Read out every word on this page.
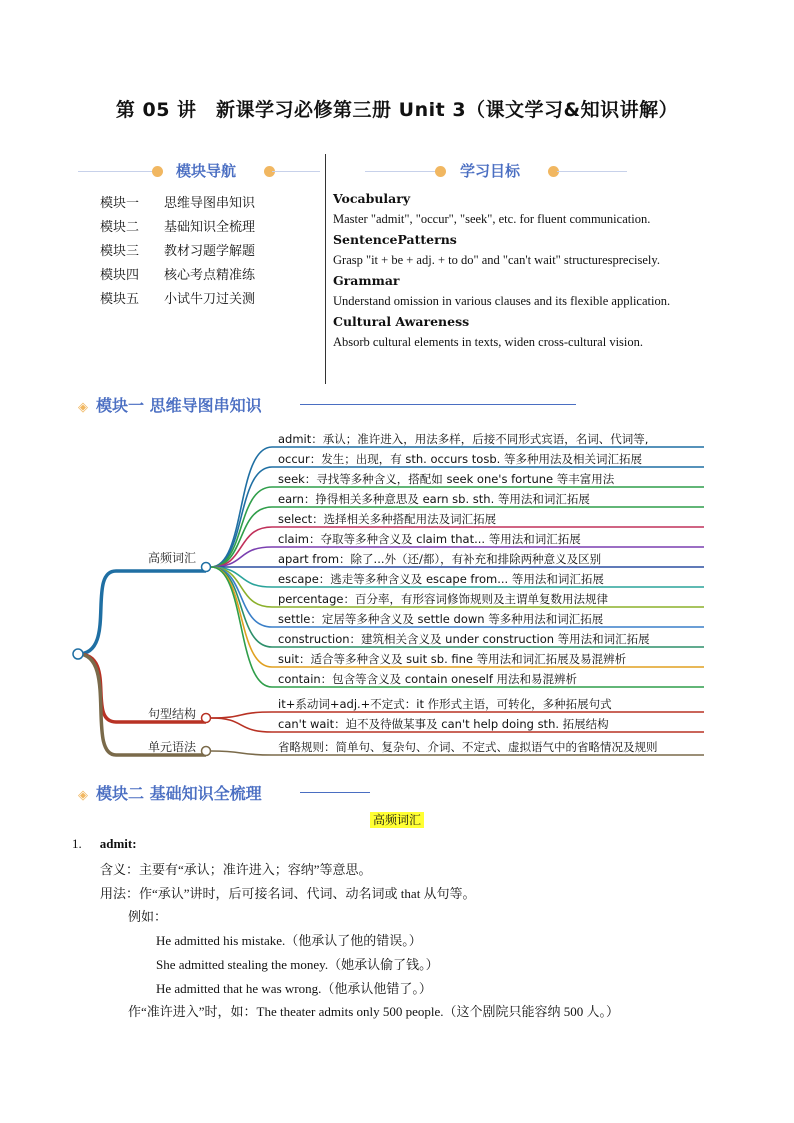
第 05 讲　新课学习必修第三册 Unit 3（课文学习&知识讲解）
模块导航	学习目标
模块一 思维导图串知识
模块二 基础知识全梳理
模块三 教材习题学解题
模块四 核心考点精准练
模块五 小试牛刀过关测
Vocabulary
Master "admit", "occur", "seek", etc. for fluent communication.
SentencePatterns
Grasp "it + be + adj. + to do" and "can't wait" structuresprecisely.
Grammar
Understand omission in various clauses and its flexible application.
Cultural Awareness
Absorb cultural elements in texts, widen cross-cultural vision.
◈ 模块一 思维导图串知识
高频词汇
admit：承认；准许进入，用法多样，后接不同形式宾语，名词、代词等,
occur：发生；出现，有 sth. occurs tosb. 等多种用法及相关词汇拓展
seek：寻找等多种含义，搭配如 seek one's fortune 等丰富用法
earn：挣得相关多种意思及 earn sb. sth. 等用法和词汇拓展
select：选择相关多种搭配用法及词汇拓展
claim：夺取等多种含义及 claim that... 等用法和词汇拓展
apart from：除了...外（还/都），有补充和排除两种意义及区别
escape：逃走等多种含义及 escape from... 等用法和词汇拓展
percentage：百分率，有形容词修饰规则及主谓单复数用法规律
settle：定居等多种含义及 settle down 等多种用法和词汇拓展
construction：建筑相关含义及 under construction 等用法和词汇拓展
suit：适合等多种含义及 suit sb. fine 等用法和词汇拓展及易混辨析
contain：包含等含义及 contain oneself 用法和易混辨析
句型结构
it+系动词+adj.+不定式：it 作形式主语，可转化，多种拓展句式
can't wait：迫不及待做某事及 can't help doing sth. 拓展结构
单元语法	省略规则：简单句、复杂句、介词、不定式、虚拟语气中的省略情况及规则
◈ 模块二 基础知识全梳理
高频词汇
1. admit:
含义：主要有“承认；准许进入；容纳”等意思。
用法：作“承认”讲时，后可接名词、代词、动名词或 that 从句等。
例如：
He admitted his mistake.（他承认了他的错误。）
She admitted stealing the money.（她承认偷了钱。）
He admitted that he was wrong.（他承认他错了。）
作“准许进入”时，如：The theater admits only 500 people.（这个剧院只能容纳 500 人。）
